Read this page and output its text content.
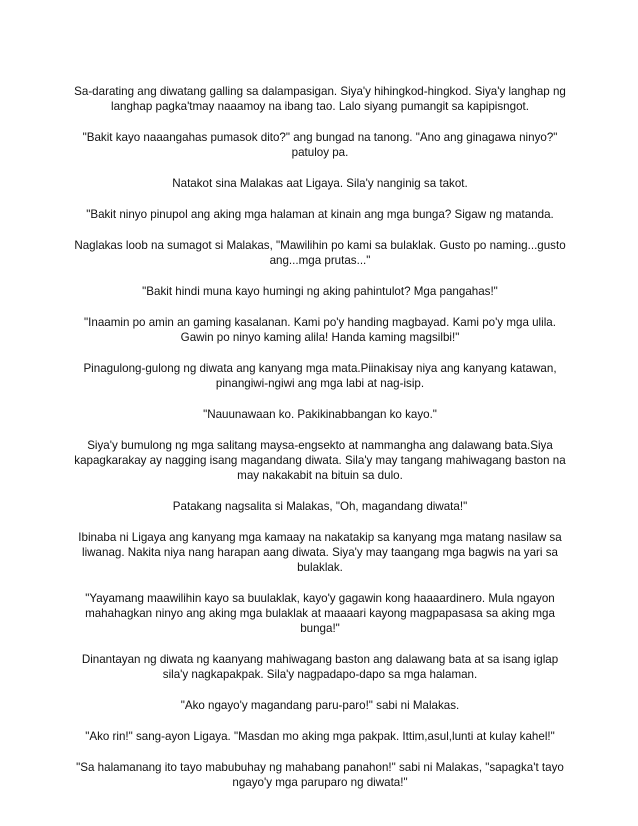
Sa-darating ang diwatang galling sa dalampasigan. Siya'y hihingkod-hingkod. Siya'y langhap ng langhap pagka'tmay naaamoy na ibang tao. Lalo siyang pumangit sa kapipisngot.

"Bakit kayo naaangahas pumasok dito?" ang bungad na tanong. "Ano ang ginagawa ninyo?" patuloy pa.

Natakot sina Malakas aat Ligaya. Sila'y nanginig sa takot.

"Bakit ninyo pinupol ang aking mga halaman at kinain ang mga bunga? Sigaw ng matanda.

Naglakas loob na sumagot si Malakas, "Mawilihin po kami sa bulaklak. Gusto po naming...gusto ang...mga prutas..."

"Bakit hindi muna kayo humingi ng aking pahintulot? Mga pangahas!"

"Inaamin po amin an gaming kasalanan. Kami po'y handing magbayad. Kami po'y mga ulila. Gawin po ninyo kaming alila! Handa kaming magsilbi!"

Pinagulong-gulong ng diwata ang kanyang mga mata.Piinakisay niya ang kanyang katawan, pinangiwi-ngiwi ang mga labi at nag-isip.

"Nauunawaan ko. Pakikinabbangan ko kayo."

Siya'y bumulong ng mga salitang maysa-engsekto at nammangha ang dalawang bata.Siya kapagkarakay ay nagging isang magandang diwata. Sila'y may tangang mahiwagang baston na may nakakabit na bituin sa dulo.

Patakang nagsalita si Malakas, "Oh, magandang diwata!"

Ibinaba ni Ligaya ang kanyang mga kamaay na nakatakip sa kanyang mga matang nasilaw sa liwanag. Nakita niya nang harapan aang diwata. Siya'y may taangang mga bagwis na yari sa bulaklak.

"Yayamang maawilihin kayo sa buulaklak, kayo'y gagawin kong haaaardinero. Mula ngayon mahahagkan ninyo ang aking mga bulaklak at maaaari kayong magpapasasa sa aking mga bunga!"

Dinantayan ng diwata ng kaanyang mahiwagang baston ang dalawang bata at sa isang iglap sila'y nagkapakpak. Sila'y nagpadapo-dapo sa mga halaman.

"Ako ngayo'y magandang paru-paro!" sabi ni Malakas.

"Ako rin!" sang-ayon Ligaya. "Masdan mo aking mga pakpak. Ittim,asul,lunti at kulay kahel!"

"Sa halamanang ito tayo mabubuhay ng mahabang panahon!" sabi ni Malakas, "sapagka't tayo ngayo'y mga paruparo ng diwata!"
